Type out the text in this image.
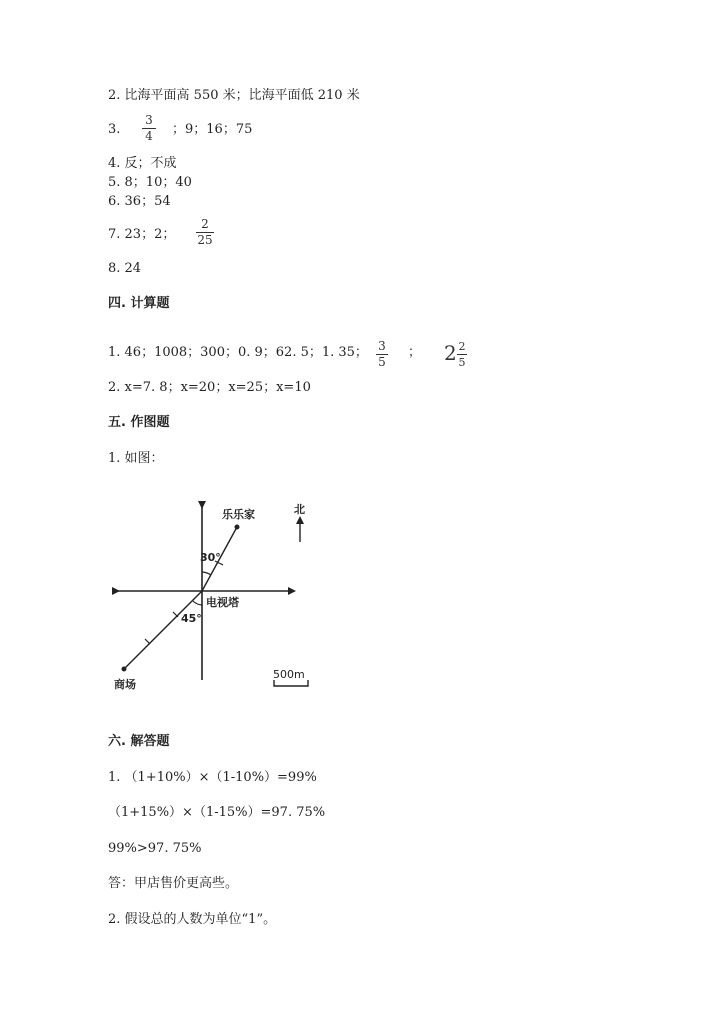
2. 比海平面高 550 米；比海平面低 210 米
3.
3
4 ；9；16；75
4. 反；不成
5. 8；10；40
6. 36；54
7. 23；2；
2
25
8. 24
四. 计算题
1. 46；1008；300；0. 9；62. 5；1. 35； 3
5
； 2 2
5
2. x=7. 8；x=20；x=25；x=10
五. 作图题
1. 如图：
乐乐家
30°
电视塔
45°
商场
北
500m
六. 解答题
1. （1+10%）×（1-10%）=99%
（1+15%）×（1-15%）=97. 75%
99%>97. 75%
答：甲店售价更高些。
2. 假设总的人数为单位“1”。
